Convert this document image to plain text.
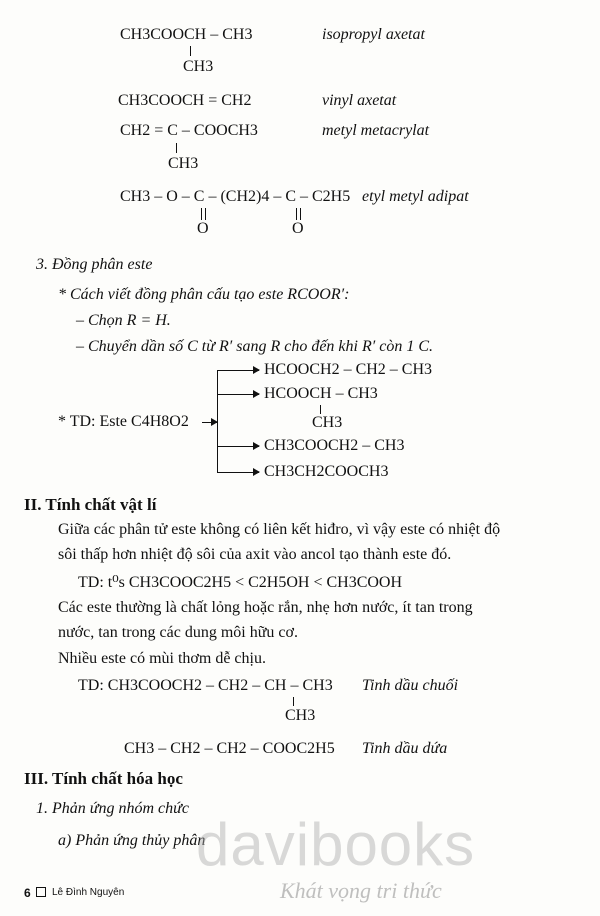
CH3COOCH – CH3
CH3
isopropyl axetat
CH3COOCH = CH2	vinyl axetat
CH2 = C – COOCH3
CH3
metyl metacrylat
CH3 – O – C – (CH2)4 – C – C2H5
O	O
etyl metyl adipat
3. Đồng phân este
* Cách viết đồng phân cấu tạo este RCOOR′:
– Chọn R = H.
– Chuyển dần số C từ R′ sang R cho đến khi R′ còn 1 C.
* TD: Este C4H8O2
HCOOCH2 – CH2 – CH3
HCOOCH – CH3
CH3
CH3COOCH2 – CH3
CH3CH2COOCH3
II. Tính chất vật lí
Giữa các phân tử este không có liên kết hiđro, vì vậy este có nhiệt độ
sôi thấp hơn nhiệt độ sôi của axit vào ancol tạo thành este đó.
TD: t⁰s CH3COOC2H5 < C2H5OH < CH3COOH
Các este thường là chất lỏng hoặc rắn, nhẹ hơn nước, ít tan trong
nước, tan trong các dung môi hữu cơ.
Nhiều este có mùi thơm dễ chịu.
TD: CH3COOCH2 – CH2 – CH – CH3
CH3
Tinh dầu chuối
CH3 – CH2 – CH2 – COOC2H5 Tinh dầu dứa
III. Tính chất hóa học
1. Phản ứng nhóm chức
a) Phản ứng thủy phân
6 Lê Đình Nguyên
davibooks
Khát vọng tri thức
